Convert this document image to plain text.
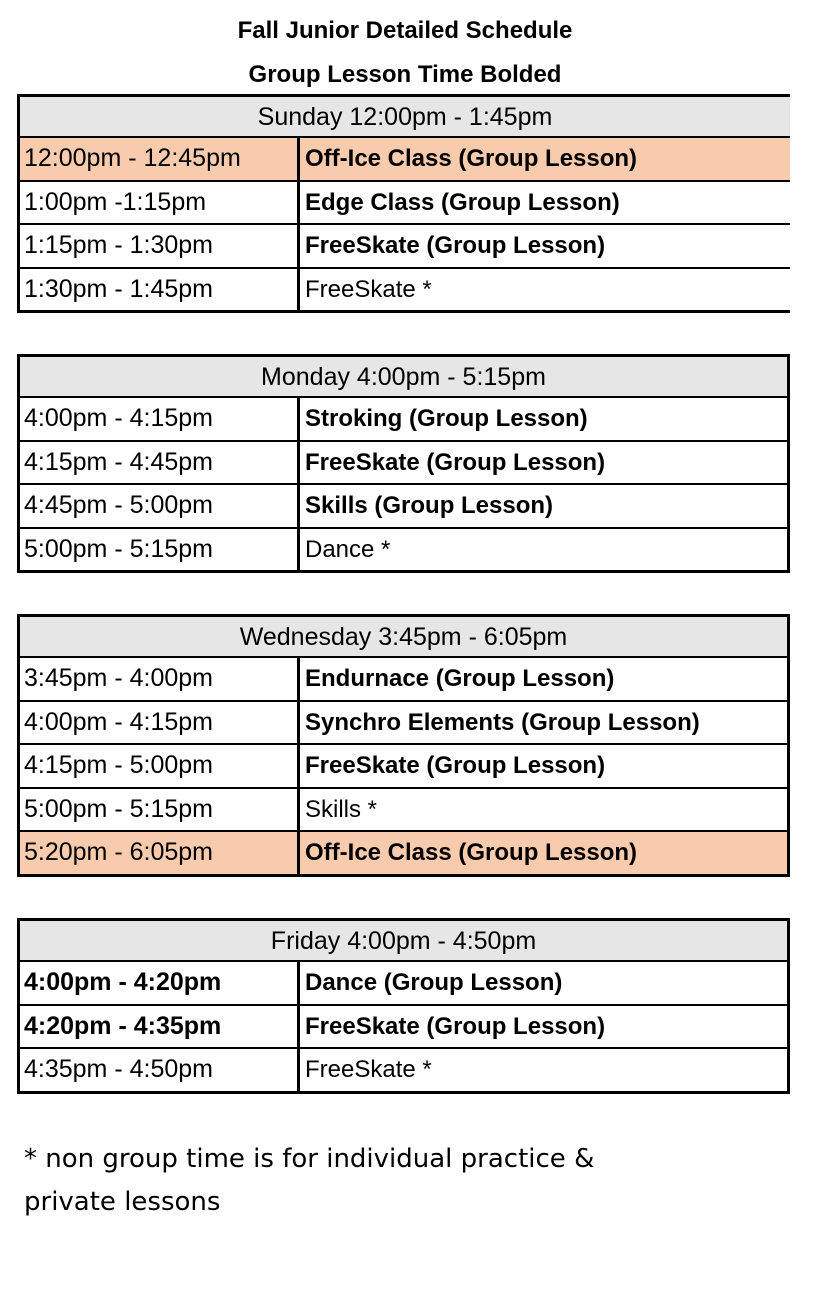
Fall Junior Detailed Schedule
Group Lesson Time Bolded
Sunday 12:00pm - 1:45pm
12:00pm - 12:45pm	Off-Ice Class (Group Lesson)
1:00pm -1:15pm	Edge Class (Group Lesson)
1:15pm - 1:30pm	FreeSkate (Group Lesson)
1:30pm - 1:45pm	FreeSkate *
Monday 4:00pm - 5:15pm
4:00pm - 4:15pm	Stroking (Group Lesson)
4:15pm - 4:45pm	FreeSkate (Group Lesson)
4:45pm - 5:00pm	Skills (Group Lesson)
5:00pm - 5:15pm	Dance *
Wednesday 3:45pm - 6:05pm
3:45pm - 4:00pm	Endurnace (Group Lesson)
4:00pm - 4:15pm	Synchro Elements (Group Lesson)
4:15pm - 5:00pm	FreeSkate (Group Lesson)
5:00pm - 5:15pm	Skills *
5:20pm - 6:05pm	Off-Ice Class (Group Lesson)
Friday 4:00pm - 4:50pm
4:00pm - 4:20pm	Dance (Group Lesson)
4:20pm - 4:35pm	FreeSkate (Group Lesson)
4:35pm - 4:50pm	FreeSkate *
* non group time is for individual practice &
private lessons
